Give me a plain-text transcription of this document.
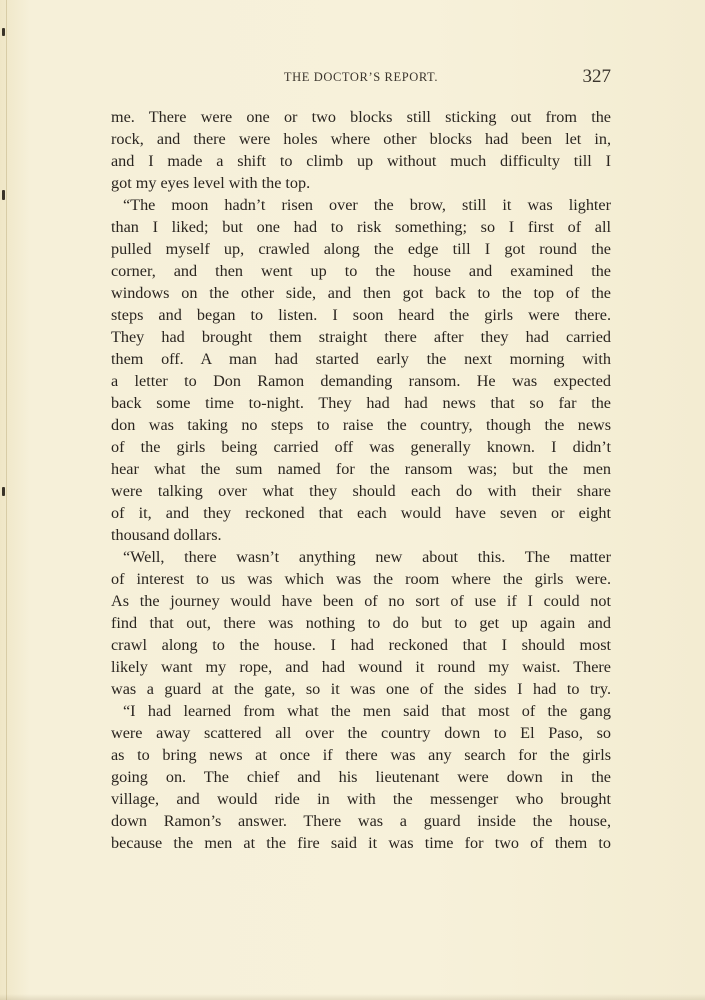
THE DOCTOR’S REPORT.	327
me. There were one or two blocks still sticking out from the
rock, and there were holes where other blocks had been let in,
and I made a shift to climb up without much difficulty till I
got my eyes level with the top.
“The moon hadn’t risen over the brow, still it was lighter
than I liked; but one had to risk something; so I first of all
pulled myself up, crawled along the edge till I got round the
corner, and then went up to the house and examined the
windows on the other side, and then got back to the top of the
steps and began to listen. I soon heard the girls were there.
They had brought them straight there after they had carried
them off. A man had started early the next morning with
a letter to Don Ramon demanding ransom. He was expected
back some time to-night. They had had news that so far the
don was taking no steps to raise the country, though the news
of the girls being carried off was generally known. I didn’t
hear what the sum named for the ransom was; but the men
were talking over what they should each do with their share
of it, and they reckoned that each would have seven or eight
thousand dollars.
“Well, there wasn’t anything new about this. The matter
of interest to us was which was the room where the girls were.
As the journey would have been of no sort of use if I could not
find that out, there was nothing to do but to get up again and
crawl along to the house. I had reckoned that I should most
likely want my rope, and had wound it round my waist. There
was a guard at the gate, so it was one of the sides I had to try.
“I had learned from what the men said that most of the gang
were away scattered all over the country down to El Paso, so
as to bring news at once if there was any search for the girls
going on. The chief and his lieutenant were down in the
village, and would ride in with the messenger who brought
down Ramon’s answer. There was a guard inside the house,
because the men at the fire said it was time for two of them to
